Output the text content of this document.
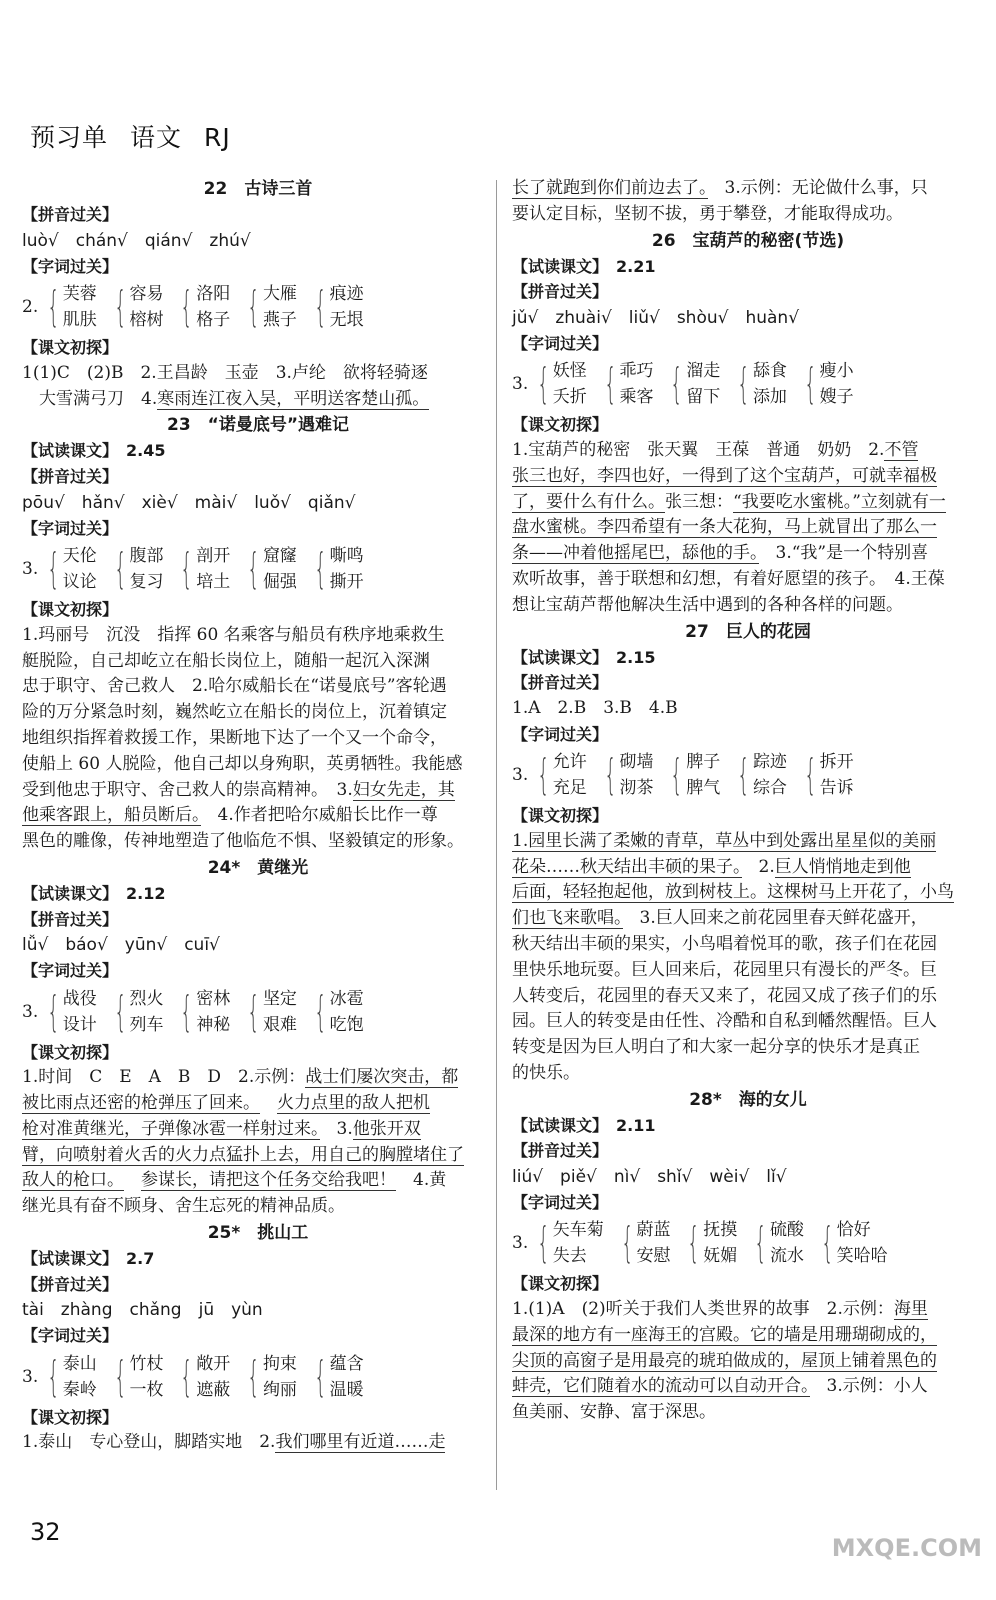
预习单 语文 RJ
22　古诗三首
【拼音过关】
luò√　chán√　qián√　zhú√
【字词过关】
2. { 芙蓉
肌肤 { 容易
榕树 { 洛阳
格子 { 大雁
燕子 { 痕迹
无垠
【课文初探】
1(1)C　(2)B　2.王昌龄　玉壶　3.卢纶　欲将轻骑逐
 大雪满弓刀　4.寒雨连江夜入吴，平明送客楚山孤。
23　“诺曼底号”遇难记
【试读课文】　2.45
【拼音过关】
pōu√　hǎn√　xiè√　mài√　luǒ√　qiǎn√
【字词过关】
3. { 天伦
议论 { 腹部
复习 { 剖开
培土 { 窟窿
倔强 { 嘶鸣
撕开
【课文初探】
1.玛丽号　沉没　指挥 60 名乘客与船员有秩序地乘救生
艇脱险，自己却屹立在船长岗位上，随船一起沉入深渊
忠于职守、舍己救人　2.哈尔威船长在“诺曼底号”客轮遇
险的万分紧急时刻，巍然屹立在船长的岗位上，沉着镇定
地组织指挥着救援工作，果断地下达了一个又一个命令，
使船上 60 人脱险，他自己却以身殉职，英勇牺牲。我能感
受到他忠于职守、舍己救人的崇高精神。　3.妇女先走，其
他乘客跟上，船员断后。　4.作者把哈尔威船长比作一尊
黑色的雕像，传神地塑造了他临危不惧、坚毅镇定的形象。
24*　黄继光
【试读课文】　2.12
【拼音过关】
lǚ√　báo√　yūn√　cuī√
【字词过关】
3. { 战役
设计 { 烈火
列车 { 密林
神秘 { 坚定
艰难 { 冰雹
吃饱
【课文初探】
1.时间　C　E　A　B　D　2.示例：战士们屡次突击，都
被比雨点还密的枪弹压了回来。  火力点里的敌人把机
枪对准黄继光，子弹像冰雹一样射过来。　3.他张开双
臂，向喷射着火舌的火力点猛扑上去，用自己的胸膛堵住了
敌人的枪口。  参谋长，请把这个任务交给我吧！　4.黄
继光具有奋不顾身、舍生忘死的精神品质。
25*　挑山工
【试读课文】　2.7
【拼音过关】
tài　zhàng　chǎng　jū　yùn
【字词过关】
3. { 泰山
秦岭 { 竹杖
一枚 { 敞开
遮蔽 { 拘束
绚丽 { 蕴含
温暖
【课文初探】
1.泰山　专心登山，脚踏实地　2.我们哪里有近道……走
长了就跑到你们前边去了。　3.示例：无论做什么事，只
要认定目标，坚韧不拔，勇于攀登，才能取得成功。
26　宝葫芦的秘密(节选)
【试读课文】　2.21
【拼音过关】
jǔ√　zhuài√　liǔ√　shòu√　huàn√
【字词过关】
3. { 妖怪
夭折 { 乖巧
乘客 { 溜走
留下 { 舔食
添加 { 瘦小
嫂子
【课文初探】
1.宝葫芦的秘密　张天翼　王葆　普通　奶奶　2.不管
张三也好，李四也好，一得到了这个宝葫芦，可就幸福极
了，要什么有什么。张三想：“我要吃水蜜桃。”立刻就有一
盘水蜜桃。李四希望有一条大花狗，马上就冒出了那么一
条——冲着他摇尾巴，舔他的手。　3.“我”是一个特别喜
欢听故事，善于联想和幻想，有着好愿望的孩子。　4.王葆
想让宝葫芦帮他解决生活中遇到的各种各样的问题。
27　巨人的花园
【试读课文】　2.15
【拼音过关】
1.A　2.B　3.B　4.B
【字词过关】
3. { 允许
充足 { 砌墙
沏茶 { 脾子
脾气 { 踪迹
综合 { 拆开
告诉
【课文初探】
1.园里长满了柔嫩的青草，草丛中到处露出星星似的美丽
花朵……秋天结出丰硕的果子。　2.巨人悄悄地走到他
后面，轻轻抱起他，放到树枝上。这棵树马上开花了，小鸟
们也飞来歌唱。　3.巨人回来之前花园里春天鲜花盛开，
秋天结出丰硕的果实，小鸟唱着悦耳的歌，孩子们在花园
里快乐地玩耍。巨人回来后，花园里只有漫长的严冬。巨
人转变后，花园里的春天又来了，花园又成了孩子们的乐
园。巨人的转变是由任性、冷酷和自私到幡然醒悟。巨人
转变是因为巨人明白了和大家一起分享的快乐才是真正
的快乐。
28*　海的女儿
【试读课文】　2.11
【拼音过关】
liú√　piě√　nì√　shǐ√　wèi√　lǐ√
【字词过关】
3. { 矢车菊
失去 { 蔚蓝
安慰 { 抚摸
妩媚 { 硫酸
流水 { 恰好
笑哈哈
【课文初探】
1.(1)A　(2)听关于我们人类世界的故事　2.示例：海里
最深的地方有一座海王的宫殿。它的墙是用珊瑚砌成的，
尖顶的高窗子是用最亮的琥珀做成的，屋顶上铺着黑色的
蚌壳，它们随着水的流动可以自动开合。　3.示例：小人
鱼美丽、安静、富于深思。
32
MXQE.COM
